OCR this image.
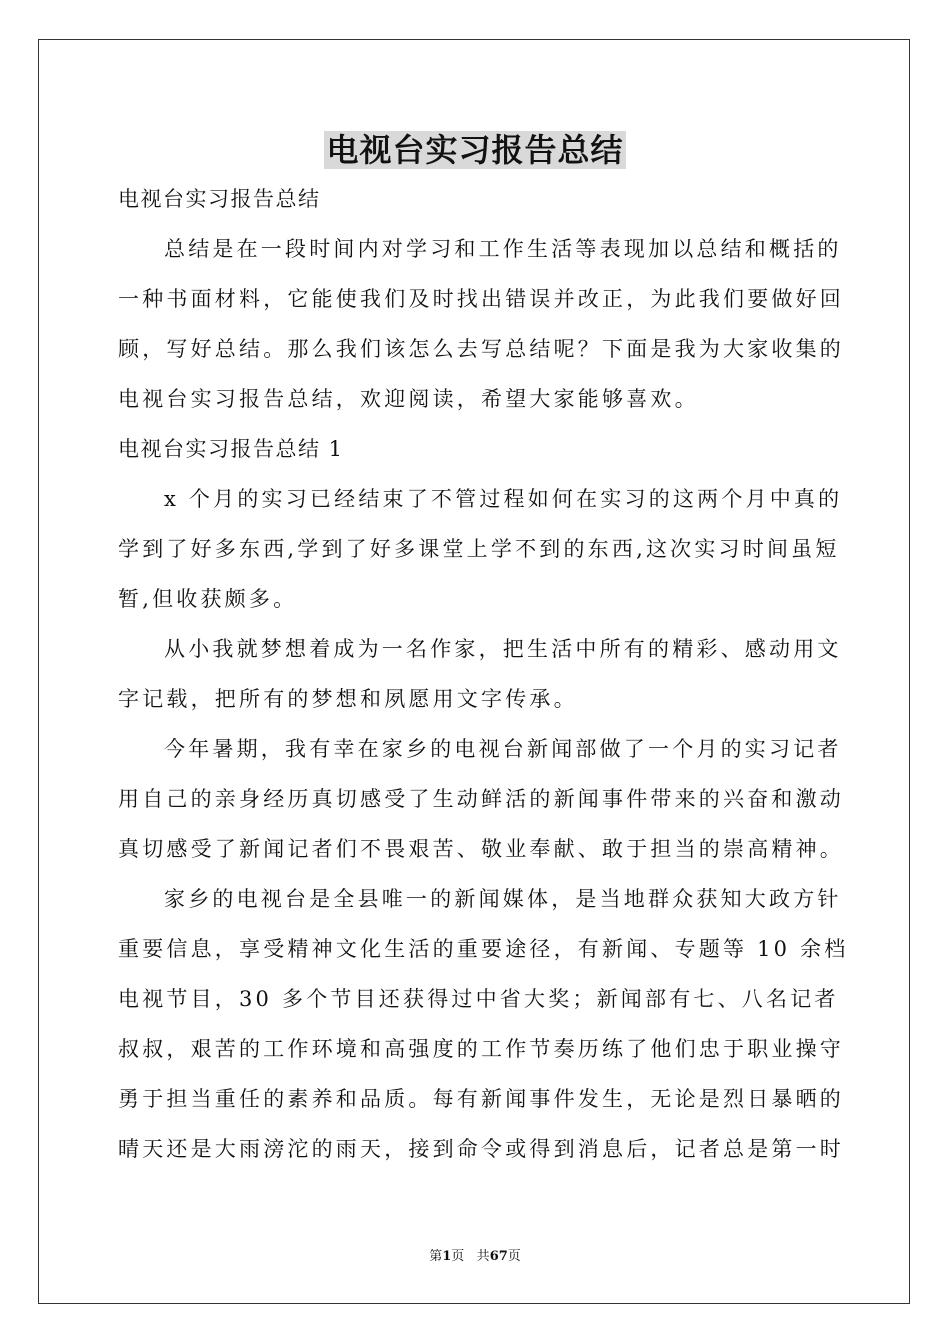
电视台实习报告总结
电视台实习报告总结
总结是在一段时间内对学习和工作生活等表现加以总结和概括的
一种书面材料，它能使我们及时找出错误并改正，为此我们要做好回
顾，写好总结。那么我们该怎么去写总结呢？下面是我为大家收集的
电视台实习报告总结，欢迎阅读，希望大家能够喜欢。
电视台实习报告总结 1
x 个月的实习已经结束了不管过程如何在实习的这两个月中真的
学到了好多东西,学到了好多课堂上学不到的东西,这次实习时间虽短
暂,但收获颇多。
从小我就梦想着成为一名作家，把生活中所有的精彩、感动用文
字记载，把所有的梦想和夙愿用文字传承。
今年暑期，我有幸在家乡的电视台新闻部做了一个月的实习记者
用自己的亲身经历真切感受了生动鲜活的新闻事件带来的兴奋和激动
真切感受了新闻记者们不畏艰苦、敬业奉献、敢于担当的崇高精神。
家乡的电视台是全县唯一的新闻媒体，是当地群众获知大政方针
重要信息，享受精神文化生活的重要途径，有新闻、专题等 10 余档
电视节目，30 多个节目还获得过中省大奖；新闻部有七、八名记者
叔叔，艰苦的工作环境和高强度的工作节奏历练了他们忠于职业操守
勇于担当重任的素养和品质。每有新闻事件发生，无论是烈日暴晒的
晴天还是大雨滂沱的雨天，接到命令或得到消息后，记者总是第一时
第1页 共67页
